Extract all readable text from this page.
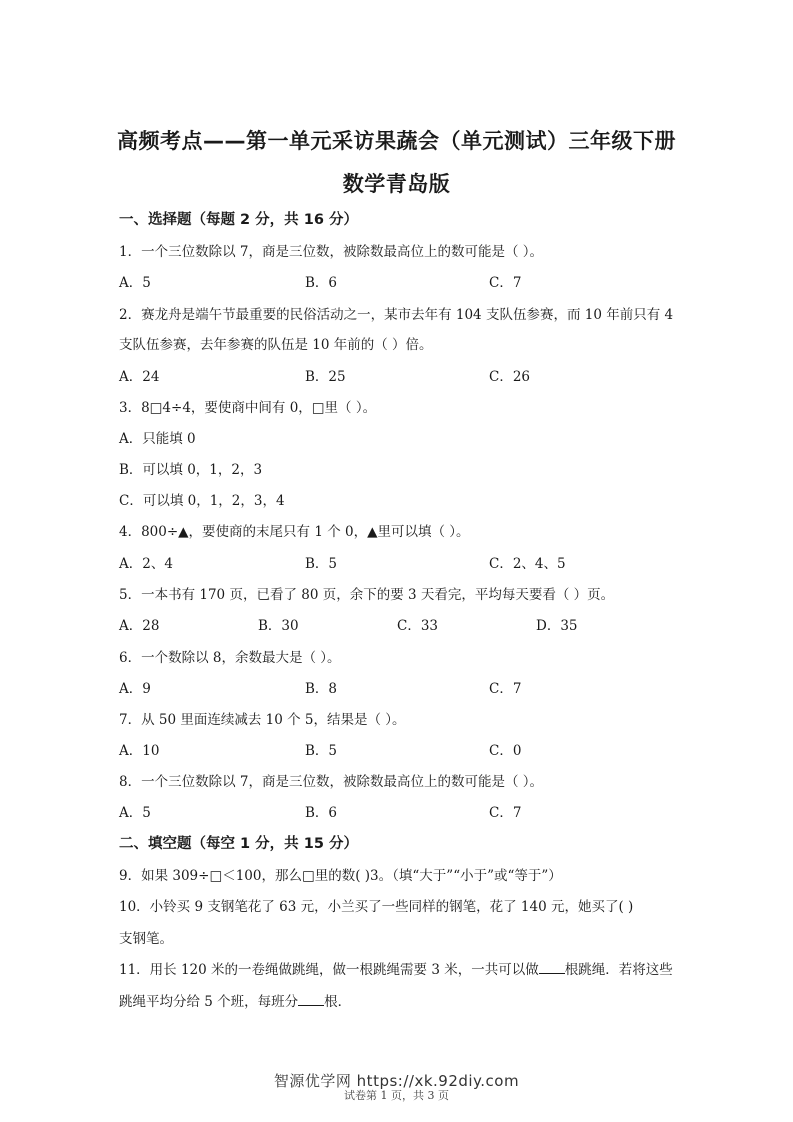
高频考点——第一单元采访果蔬会（单元测试）三年级下册
数学青岛版
一、选择题（每题 2 分，共 16 分）
1．一个三位数除以 7，商是三位数，被除数最高位上的数可能是（ ）。
A．5	B．6	C．7
2．赛龙舟是端午节最重要的民俗活动之一，某市去年有 104 支队伍参赛，而 10 年前只有 4
支队伍参赛，去年参赛的队伍是 10 年前的（ ）倍。
A．24	B．25	C．26
3．8□4÷4，要使商中间有 0，□里（ ）。
A．只能填 0
B．可以填 0，1，2，3
C．可以填 0，1，2，3，4
4．800÷▲，要使商的末尾只有 1 个 0，▲里可以填（ ）。
A．2、4	B．5	C．2、4、5
5．一本书有 170 页，已看了 80 页，余下的要 3 天看完，平均每天要看（ ）页。
A．28	B．30	C．33	D．35
6．一个数除以 8，余数最大是（ ）。
A．9	B．8	C．7
7．从 50 里面连续减去 10 个 5，结果是（ ）。
A．10	B．5	C．0
8．一个三位数除以 7，商是三位数，被除数最高位上的数可能是（ ）。
A．5	B．6	C．7
二、填空题（每空 1 分，共 15 分）
9．如果 309÷□＜100，那么□里的数( )3。（填“大于”“小于”或“等于”）
10．小铃买 9 支钢笔花了 63 元，小兰买了一些同样的钢笔，花了 140 元，她买了( )
支钢笔。
11．用长 120 米的一卷绳做跳绳，做一根跳绳需要 3 米，一共可以做 根跳绳．若将这些
跳绳平均分给 5 个班，每班分 根．
智源优学网 https://xk.92diy.com
试卷第 1 页，共 3 页
